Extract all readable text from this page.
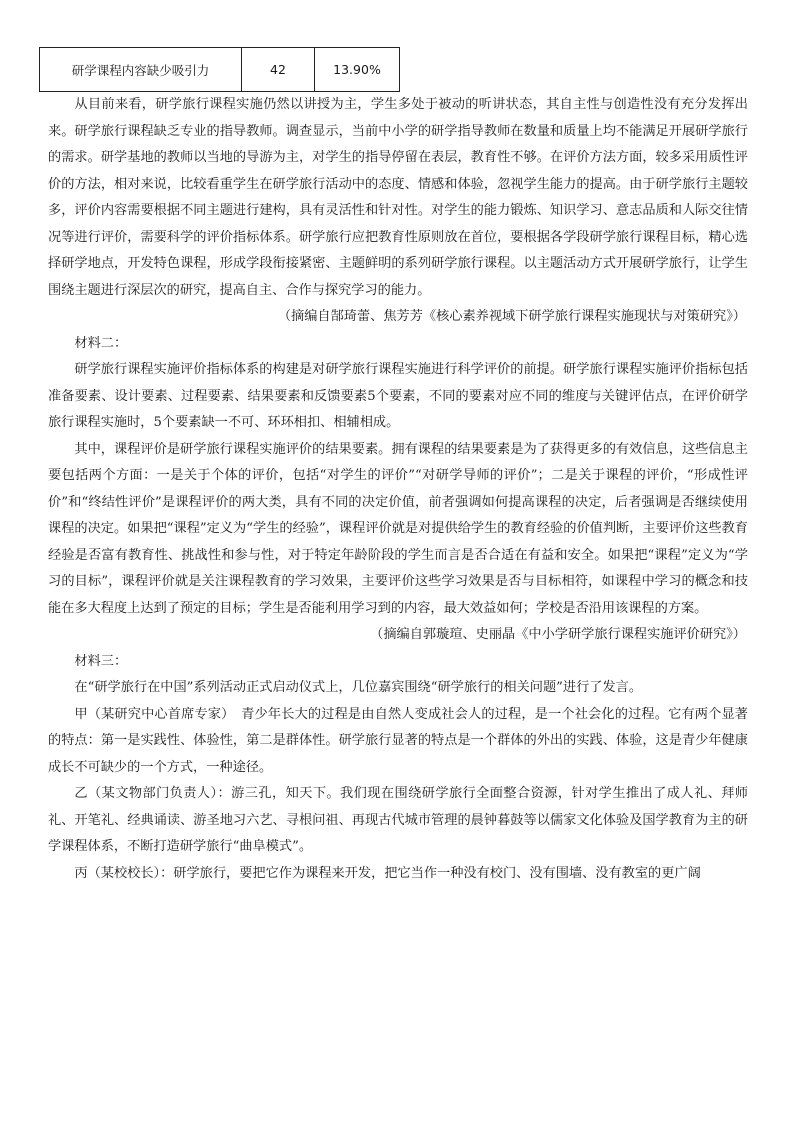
研学课程内容缺少吸引力	42	13.90%

从目前来看，研学旅行课程实施仍然以讲授为主，学生多处于被动的听讲状态，其自主性与创造性没有充分发挥出来。研学旅行课程缺乏专业的指导教师。调查显示，当前中小学的研学指导教师在数量和质量上均不能满足开展研学旅行的需求。研学基地的教师以当地的导游为主，对学生的指导停留在表层，教育性不够。在评价方法方面，较多采用质性评价的方法，相对来说，比较看重学生在研学旅行活动中的态度、情感和体验，忽视学生能力的提高。由于研学旅行主题较多，评价内容需要根据不同主题进行建构，具有灵活性和针对性。对学生的能力锻炼、知识学习、意志品质和人际交往情况等进行评价，需要科学的评价指标体系。研学旅行应把教育性原则放在首位，要根据各学段研学旅行课程目标，精心选择研学地点，开发特色课程，形成学段衔接紧密、主题鲜明的系列研学旅行课程。以主题活动方式开展研学旅行，让学生围绕主题进行深层次的研究，提高自主、合作与探究学习的能力。

（摘编自郜琦蕾、焦芳芳《核心素养视域下研学旅行课程实施现状与对策研究》）

材料二：

研学旅行课程实施评价指标体系的构建是对研学旅行课程实施进行科学评价的前提。研学旅行课程实施评价指标包括准备要素、设计要素、过程要素、结果要素和反馈要素5个要素，不同的要素对应不同的维度与关键评估点，在评价研学旅行课程实施时，5个要素缺一不可、环环相扣、相辅相成。

其中，课程评价是研学旅行课程实施评价的结果要素。拥有课程的结果要素是为了获得更多的有效信息，这些信息主要包括两个方面：一是关于个体的评价，包括“对学生的评价”“对研学导师的评价”；二是关于课程的评价，“形成性评价”和“终结性评价”是课程评价的两大类，具有不同的决定价值，前者强调如何提高课程的决定，后者强调是否继续使用课程的决定。如果把“课程”定义为“学生的经验”，课程评价就是对提供给学生的教育经验的价值判断，主要评价这些教育经验是否富有教育性、挑战性和参与性，对于特定年龄阶段的学生而言是否合适在有益和安全。如果把“课程”定义为“学习的目标”，课程评价就是关注课程教育的学习效果，主要评价这些学习效果是否与目标相符，如课程中学习的概念和技能在多大程度上达到了预定的目标；学生是否能利用学习到的内容，最大效益如何；学校是否沿用该课程的方案。

（摘编自郭璇瑄、史丽晶《中小学研学旅行课程实施评价研究》）

材料三：

在“研学旅行在中国”系列活动正式启动仪式上，几位嘉宾围绕“研学旅行的相关问题”进行了发言。

甲（某研究中心首席专家）　青少年长大的过程是由自然人变成社会人的过程，是一个社会化的过程。它有两个显著的特点：第一是实践性、体验性，第二是群体性。研学旅行显著的特点是一个群体的外出的实践、体验，这是青少年健康成长不可缺少的一个方式，一种途径。

乙（某文物部门负责人）：游三孔，知天下。我们现在围绕研学旅行全面整合资源，针对学生推出了成人礼、拜师礼、开笔礼、经典诵读、游圣地习六艺、寻根问祖、再现古代城市管理的晨钟暮鼓等以儒家文化体验及国学教育为主的研学课程体系，不断打造研学旅行“曲阜模式”。

丙（某校校长）：研学旅行，要把它作为课程来开发，把它当作一种没有校门、没有围墙、没有教室的更广阔
